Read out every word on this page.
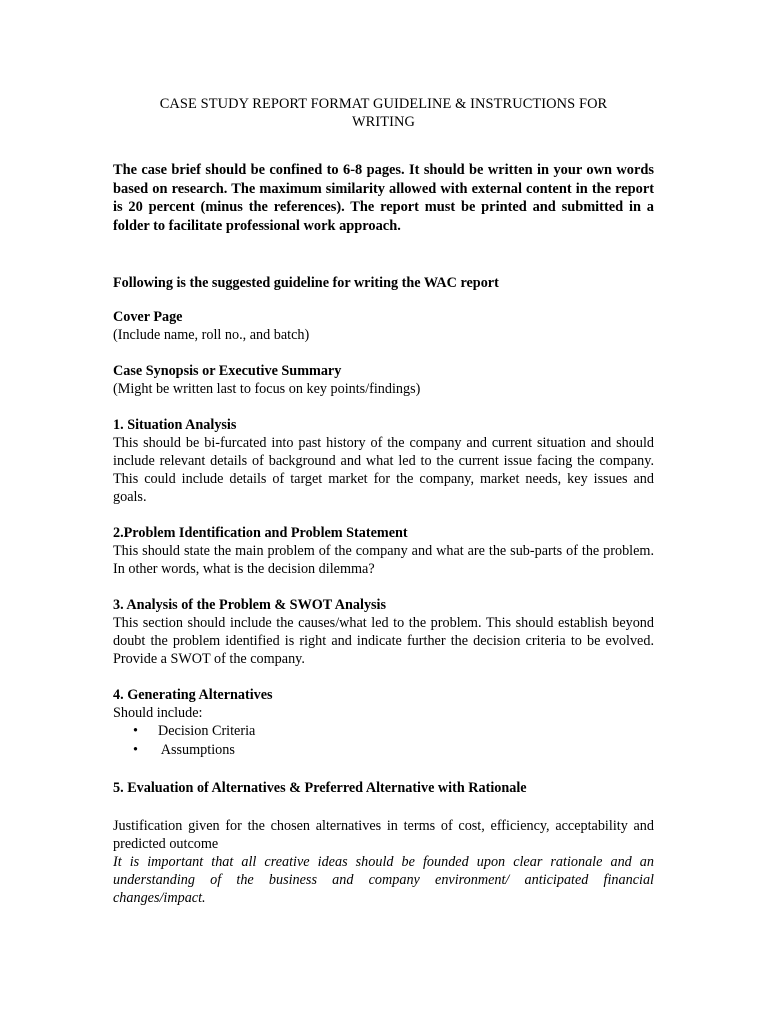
CASE STUDY REPORT FORMAT GUIDELINE & INSTRUCTIONS FOR
WRITING
The case brief should be confined to 6-8 pages. It should be written in your own words based on research. The maximum similarity allowed with external content in the report is 20 percent (minus the references). The report must be printed and submitted in a folder to facilitate professional work approach.
Following is the suggested guideline for writing the WAC report
Cover Page
(Include name, roll no., and batch)
Case Synopsis or Executive Summary
(Might be written last to focus on key points/findings)
1. Situation Analysis
This should be bi-furcated into past history of the company and current situation and should include relevant details of background and what led to the current issue facing the company. This could include details of target market for the company, market needs, key issues and goals.
2.Problem Identification and Problem Statement
This should state the main problem of the company and what are the sub-parts of the problem. In other words, what is the decision dilemma?
3. Analysis of the Problem & SWOT Analysis
This section should include the causes/what led to the problem. This should establish beyond doubt the problem identified is right and indicate further the decision criteria to be evolved. Provide a SWOT of the company.
4. Generating Alternatives
Should include:
• Decision Criteria
• Assumptions
5. Evaluation of Alternatives & Preferred Alternative with Rationale
Justification given for the chosen alternatives in terms of cost, efficiency, acceptability and predicted outcome
It is important that all creative ideas should be founded upon clear rationale and an understanding of the business and company environment/ anticipated financial changes/impact.
